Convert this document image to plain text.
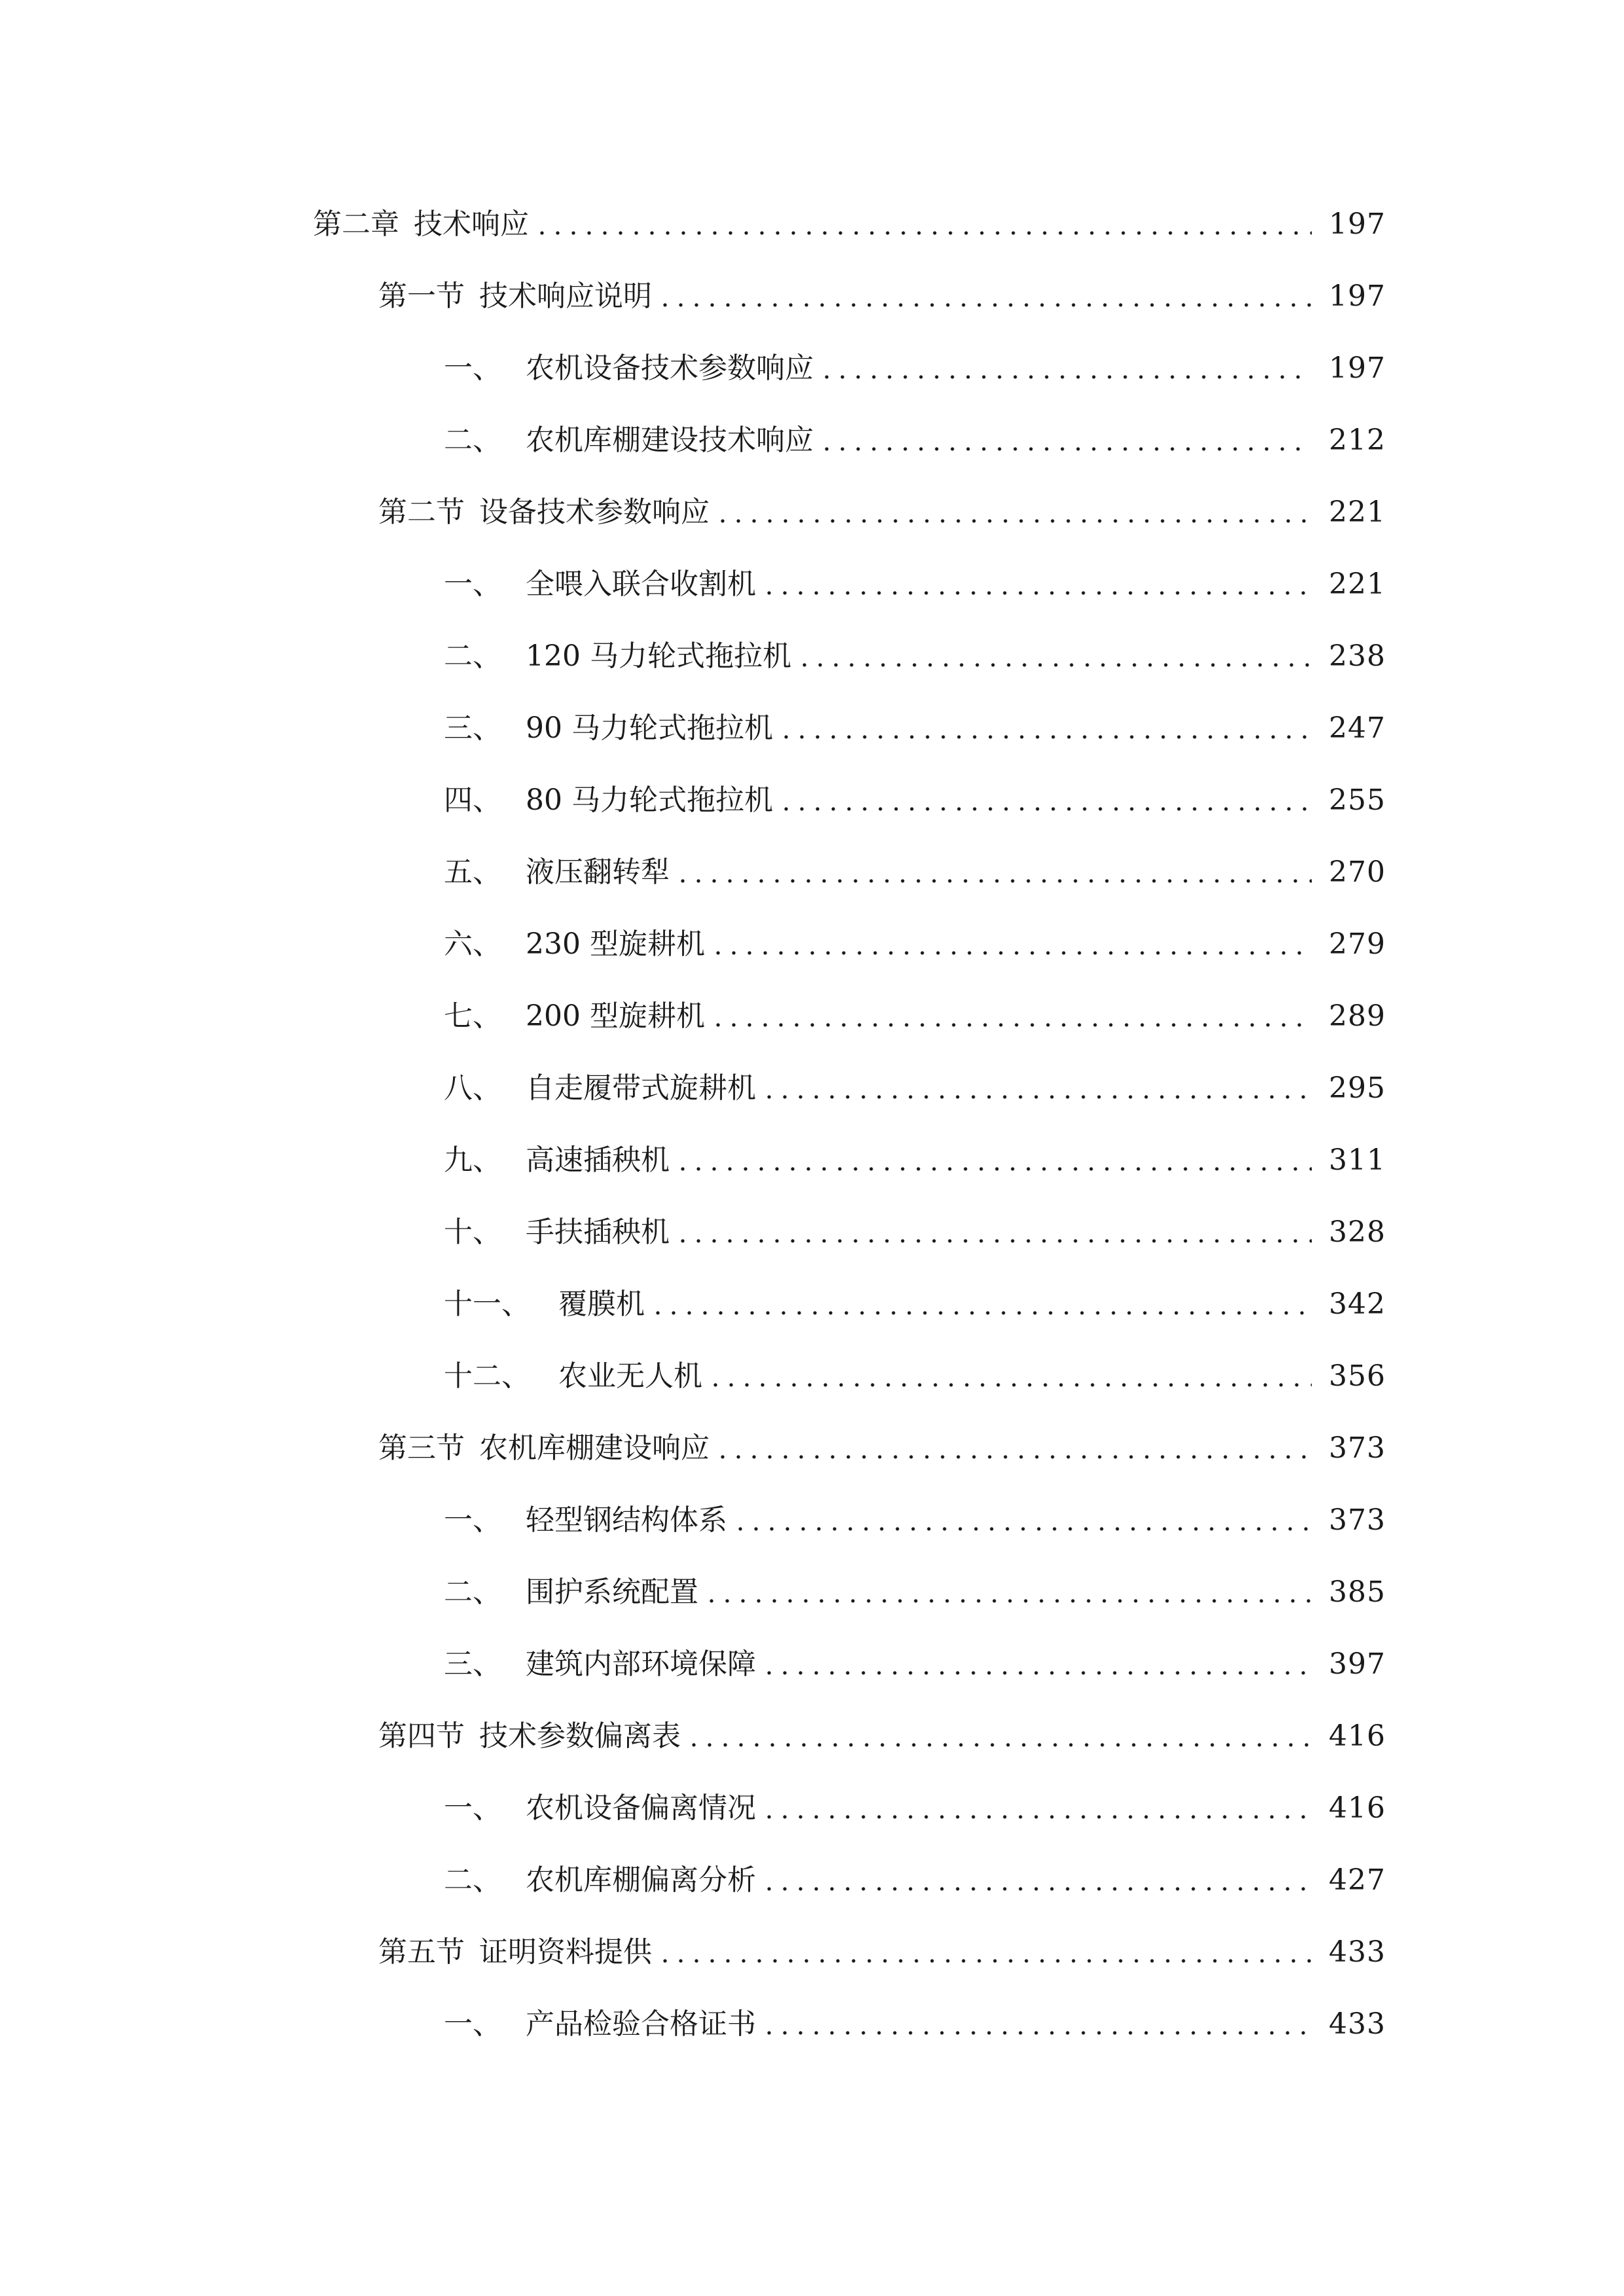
第二章 技术响应	197
第一节 技术响应说明	197
一、 农机设备技术参数响应	197
二、 农机库棚建设技术响应	212
第二节 设备技术参数响应	221
一、 全喂入联合收割机	221
二、 120 马力轮式拖拉机	238
三、 90 马力轮式拖拉机	247
四、 80 马力轮式拖拉机	255
五、 液压翻转犁	270
六、 230 型旋耕机	279
七、 200 型旋耕机	289
八、 自走履带式旋耕机	295
九、 高速插秧机	311
十、 手扶插秧机	328
十一、 覆膜机	342
十二、 农业无人机	356
第三节 农机库棚建设响应	373
一、 轻型钢结构体系	373
二、 围护系统配置	385
三、 建筑内部环境保障	397
第四节 技术参数偏离表	416
一、 农机设备偏离情况	416
二、 农机库棚偏离分析	427
第五节 证明资料提供	433
一、 产品检验合格证书	433
